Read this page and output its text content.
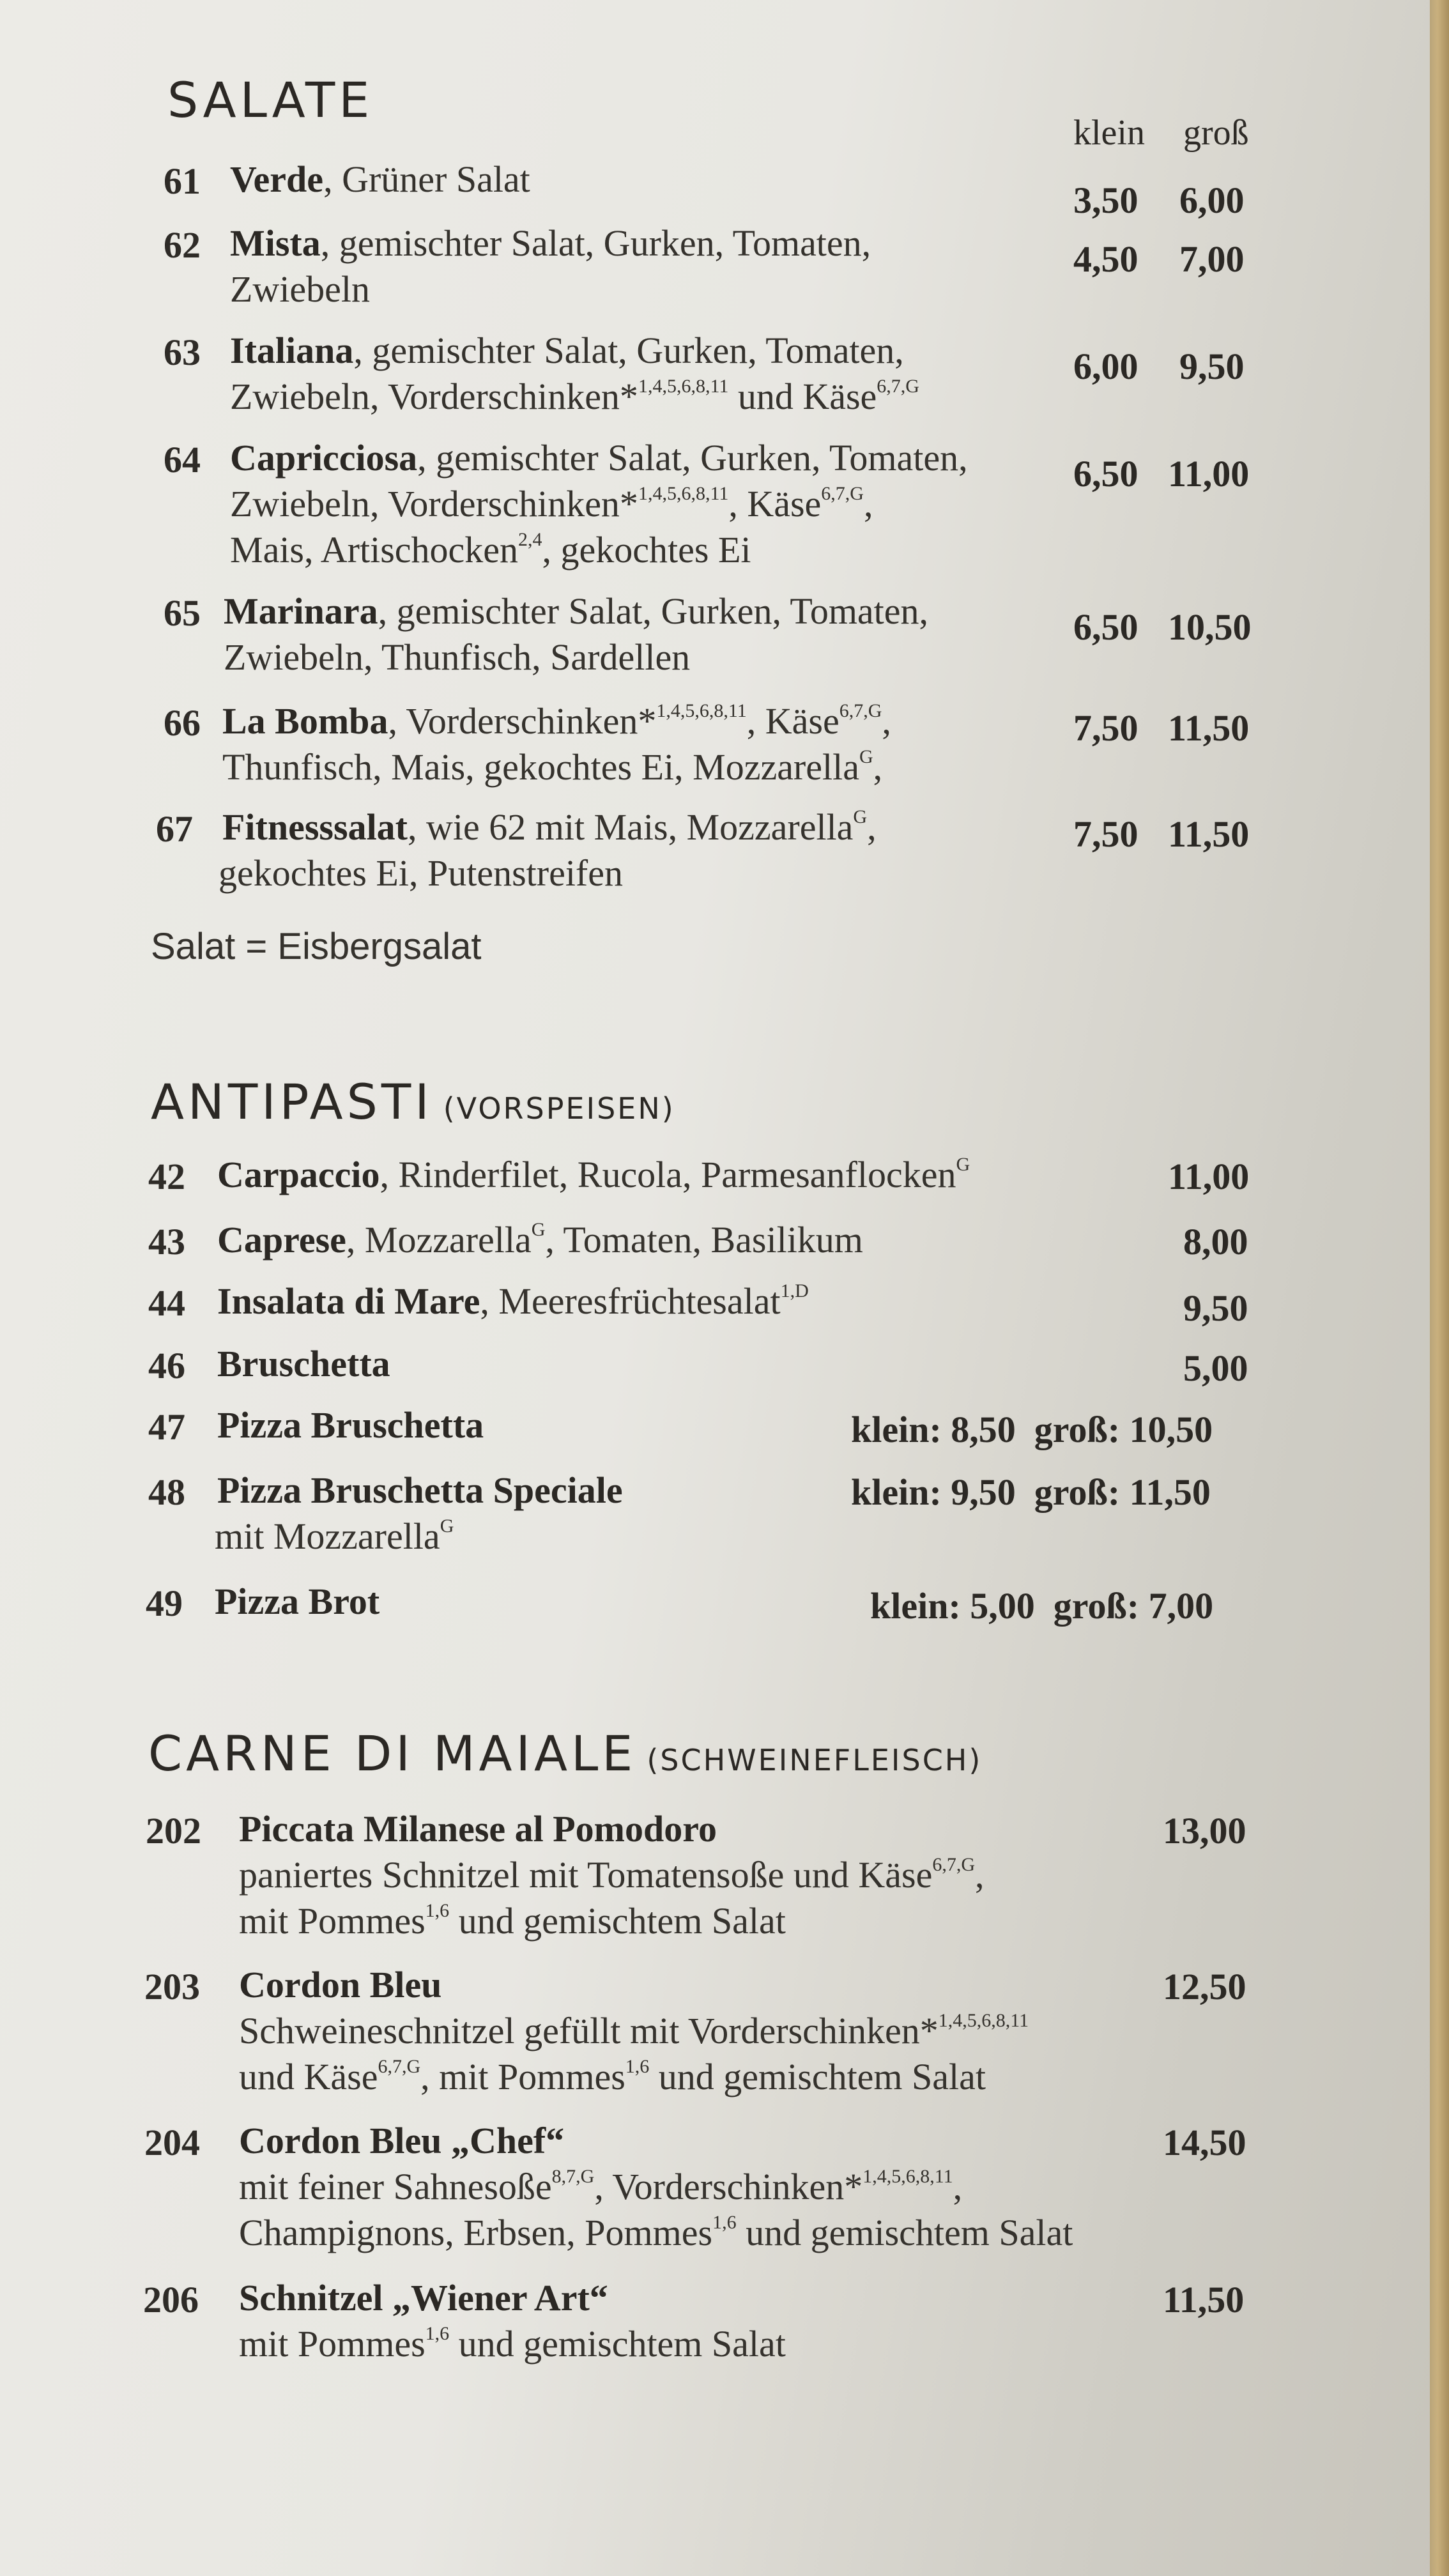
SALATE
klein groß
61 Verde, Grüner Salat
3,50 6,00
62 Mista, gemischter Salat, Gurken, Tomaten,
Zwiebeln
4,50 7,00
63 Italiana, gemischter Salat, Gurken, Tomaten,
Zwiebeln, Vorderschinken*$^{1,4,5,6,8,11}$ und Käse$^{6,7,G}$	6,00 9,50
64 Capricciosa, gemischter Salat, Gurken, Tomaten,
Zwiebeln, Vorderschinken*$^{1,4,5,6,8,11}$, Käse$^{6,7,G}$,
Mais, Artischocken$^{2,4}$, gekochtes Ei
6,50 11,00
65 Marinara, gemischter Salat, Gurken, Tomaten,
Zwiebeln, Thunfisch, Sardellen
6,50 10,50
66 La Bomba, Vorderschinken*$^{1,4,5,6,8,11}$, Käse$^{6,7,G}$,
Thunfisch, Mais, gekochtes Ei, Mozzarella$^G$,
7,50 11,50
67 Fitnesssalat, wie 62 mit Mais, Mozzarella$^G$,
gekochtes Ei, Putenstreifen
7,50 11,50
Salat = Eisbergsalat
ANTIPASTI (VORSPEISEN)
42 Carpaccio, Rinderfilet, Rucola, Parmesanflocken$^G$	11,00
43 Caprese, Mozzarella$^G$, Tomaten, Basilikum	8,00
44 Insalata di Mare, Meeresfrüchtesalat$^{1,D}$	9,50
46 Bruschetta	5,00
47 Pizza Bruschetta	klein: 8,50  groß: 10,50
48 Pizza Bruschetta Speciale
mit Mozzarella$^G$
klein: 9,50  groß: 11,50
49 Pizza Brot	klein: 5,00  groß: 7,00
CARNE DI MAIALE (SCHWEINEFLEISCH)
202 Piccata Milanese al Pomodoro
paniertes Schnitzel mit Tomatensoße und Käse$^{6,7,G}$,
mit Pommes$^{1,6}$ und gemischtem Salat
13,00
203 Cordon Bleu
Schweineschnitzel gefüllt mit Vorderschinken*$^{1,4,5,6,8,11}$
und Käse$^{6,7,G}$, mit Pommes$^{1,6}$ und gemischtem Salat
12,50
204 Cordon Bleu „Chef“
mit feiner Sahnesoße$^{8,7,G}$, Vorderschinken*$^{1,4,5,6,8,11}$,
Champignons, Erbsen, Pommes$^{1,6}$ und gemischtem Salat
14,50
206 Schnitzel „Wiener Art“
mit Pommes$^{1,6}$ und gemischtem Salat
11,50
